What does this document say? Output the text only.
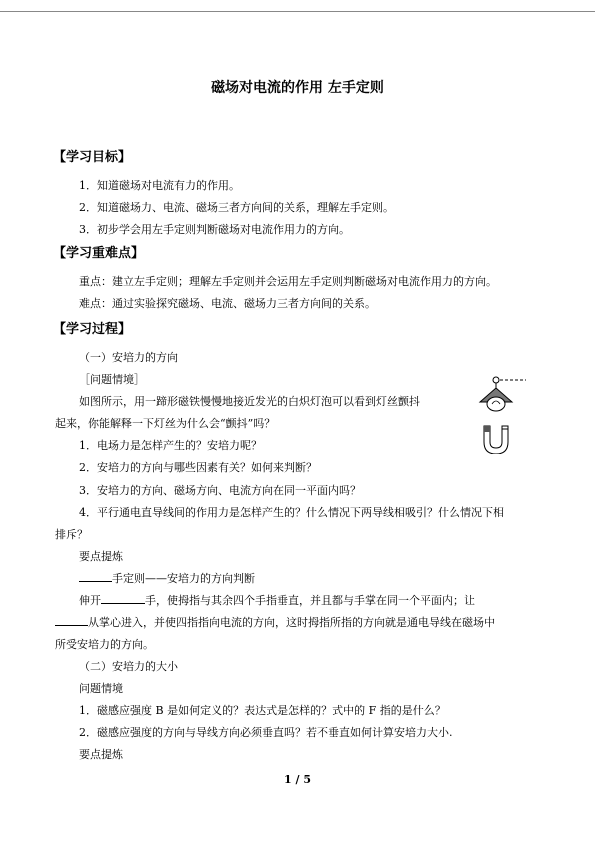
磁场对电流的作用 左手定则
【学习目标】
1．知道磁场对电流有力的作用。
2．知道磁场力、电流、磁场三者方向间的关系，理解左手定则。
3．初步学会用左手定则判断磁场对电流作用力的方向。
【学习重难点】
重点：建立左手定则；理解左手定则并会运用左手定则判断磁场对电流作用力的方向。
难点：通过实验探究磁场、电流、磁场力三者方向间的关系。
【学习过程】
（一）安培力的方向
［问题情境］
如图所示，用一蹄形磁铁慢慢地接近发光的白炽灯泡可以看到灯丝颤抖
起来，你能解释一下灯丝为什么会“颤抖”吗？
1．电场力是怎样产生的？安培力呢？
2．安培力的方向与哪些因素有关？如何来判断？
3．安培力的方向、磁场方向、电流方向在同一平面内吗？
4．平行通电直导线间的作用力是怎样产生的？什么情况下两导线相吸引？什么情况下相
排斥？
要点提炼
手定则——安培力的方向判断
伸开	手，使拇指与其余四个手指垂直，并且都与手掌在同一个平面内；让
从掌心进入，并使四指指向电流的方向，这时拇指所指的方向就是通电导线在磁场中
所受安培力的方向。
（二）安培力的大小
问题情境
1．磁感应强度 B 是如何定义的？表达式是怎样的？式中的 F 指的是什么？
2．磁感应强度的方向与导线方向必须垂直吗？若不垂直如何计算安培力大小.
要点提炼
1 / 5
